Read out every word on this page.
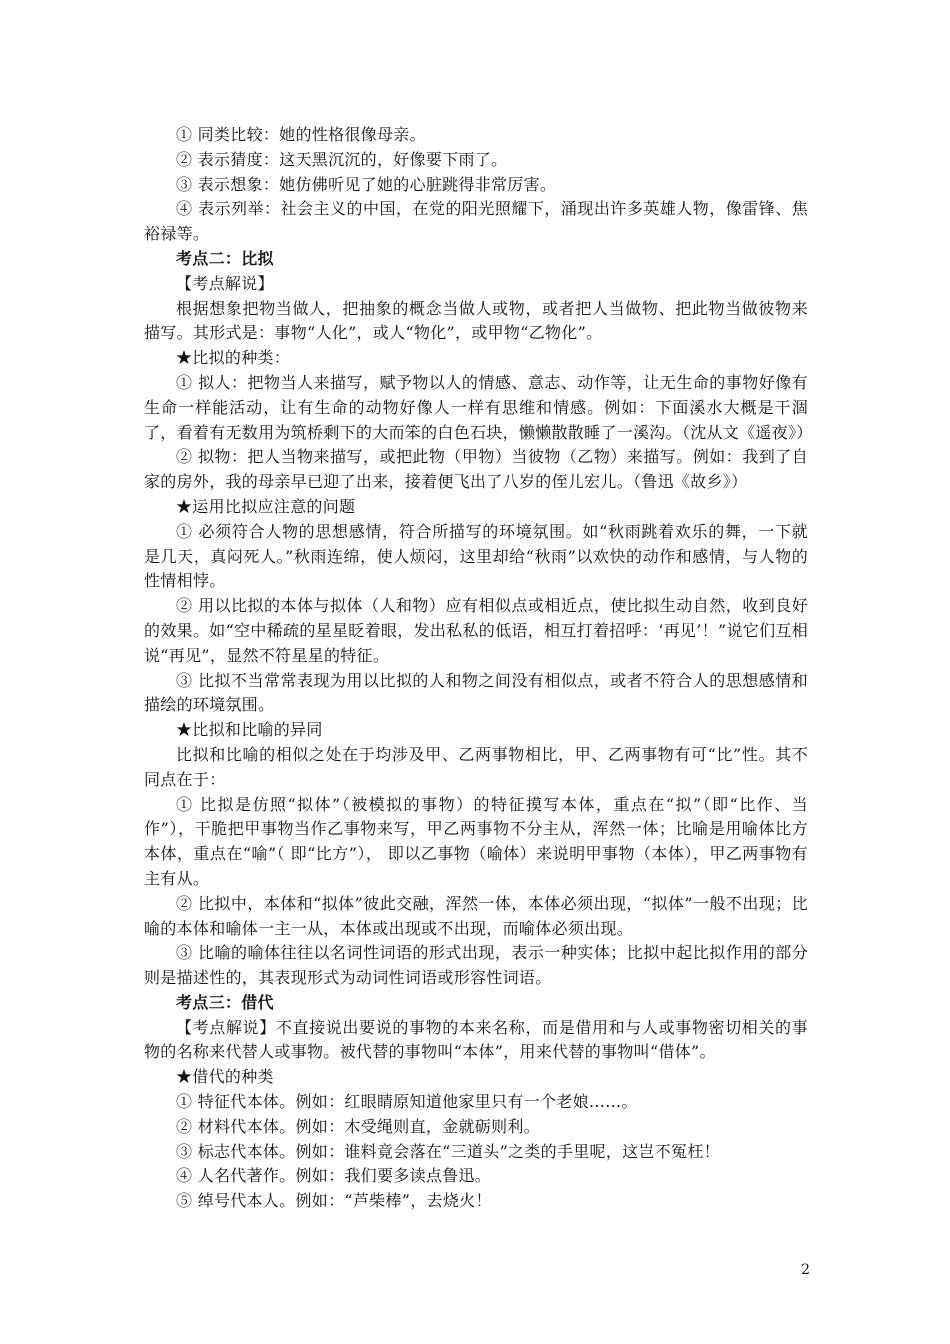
① 同类比较：她的性格很像母亲。

② 表示猜度：这天黑沉沉的，好像要下雨了。

③ 表示想象：她仿佛听见了她的心脏跳得非常厉害。

④ 表示列举：社会主义的中国，在党的阳光照耀下，涌现出许多英雄人物，像雷锋、焦裕禄等。

考点二：比拟

【考点解说】

根据想象把物当做人，把抽象的概念当做人或物，或者把人当做物、把此物当做彼物来描写。其形式是：事物“人化”，或人“物化”，或甲物“乙物化”。

★比拟的种类：

① 拟人：把物当人来描写，赋予物以人的情感、意志、动作等，让无生命的事物好像有生命一样能活动，让有生命的动物好像人一样有思维和情感。例如：下面溪水大概是干涸了，看着有无数用为筑桥剩下的大而笨的白色石块，懒懒散散睡了一溪沟。（沈从文《遥夜》）

② 拟物：把人当物来描写，或把此物（甲物）当彼物（乙物）来描写。例如：我到了自家的房外，我的母亲早已迎了出来，接着便飞出了八岁的侄儿宏儿。（鲁迅《故乡》）

★运用比拟应注意的问题

① 必须符合人物的思想感情，符合所描写的环境氛围。如“秋雨跳着欢乐的舞，一下就是几天，真闷死人。”秋雨连绵，使人烦闷，这里却给“秋雨”以欢快的动作和感情，与人物的性情相悖。

② 用以比拟的本体与拟体（人和物）应有相似点或相近点，使比拟生动自然，收到良好的效果。如“空中稀疏的星星眨着眼，发出私私的低语，相互打着招呼：‘再见’！”说它们互相说“再见”，显然不符星星的特征。

③ 比拟不当常常表现为用以比拟的人和物之间没有相似点，或者不符合人的思想感情和描绘的环境氛围。

★比拟和比喻的异同

比拟和比喻的相似之处在于均涉及甲、乙两事物相比，甲、乙两事物有可“比”性。其不同点在于：

① 比拟是仿照“拟体”（被模拟的事物）的特征摸写本体，重点在“拟”（即“比作、当作”），干脆把甲事物当作乙事物来写，甲乙两事物不分主从，浑然一体；比喻是用喻体比方本体，重点在“喻”（ 即“比方”）， 即以乙事物（喻体）来说明甲事物（本体），甲乙两事物有主有从。

② 比拟中，本体和“拟体”彼此交融，浑然一体，本体必须出现，“拟体”一般不出现；比喻的本体和喻体一主一从，本体或出现或不出现，而喻体必须出现。

③ 比喻的喻体往往以名词性词语的形式出现，表示一种实体；比拟中起比拟作用的部分则是描述性的，其表现形式为动词性词语或形容性词语。

考点三：借代

【考点解说】不直接说出要说的事物的本来名称，而是借用和与人或事物密切相关的事物的名称来代替人或事物。被代替的事物叫“本体”，用来代替的事物叫“借体”。

★借代的种类

① 特征代本体。例如：红眼睛原知道他家里只有一个老娘……。

② 材料代本体。例如：木受绳则直，金就砺则利。

③ 标志代本体。例如：谁料竟会落在“三道头”之类的手里呢，这岂不冤枉！

④ 人名代著作。例如：我们要多读点鲁迅。

⑤ 绰号代本人。例如：“芦柴棒”，去烧火！

2
